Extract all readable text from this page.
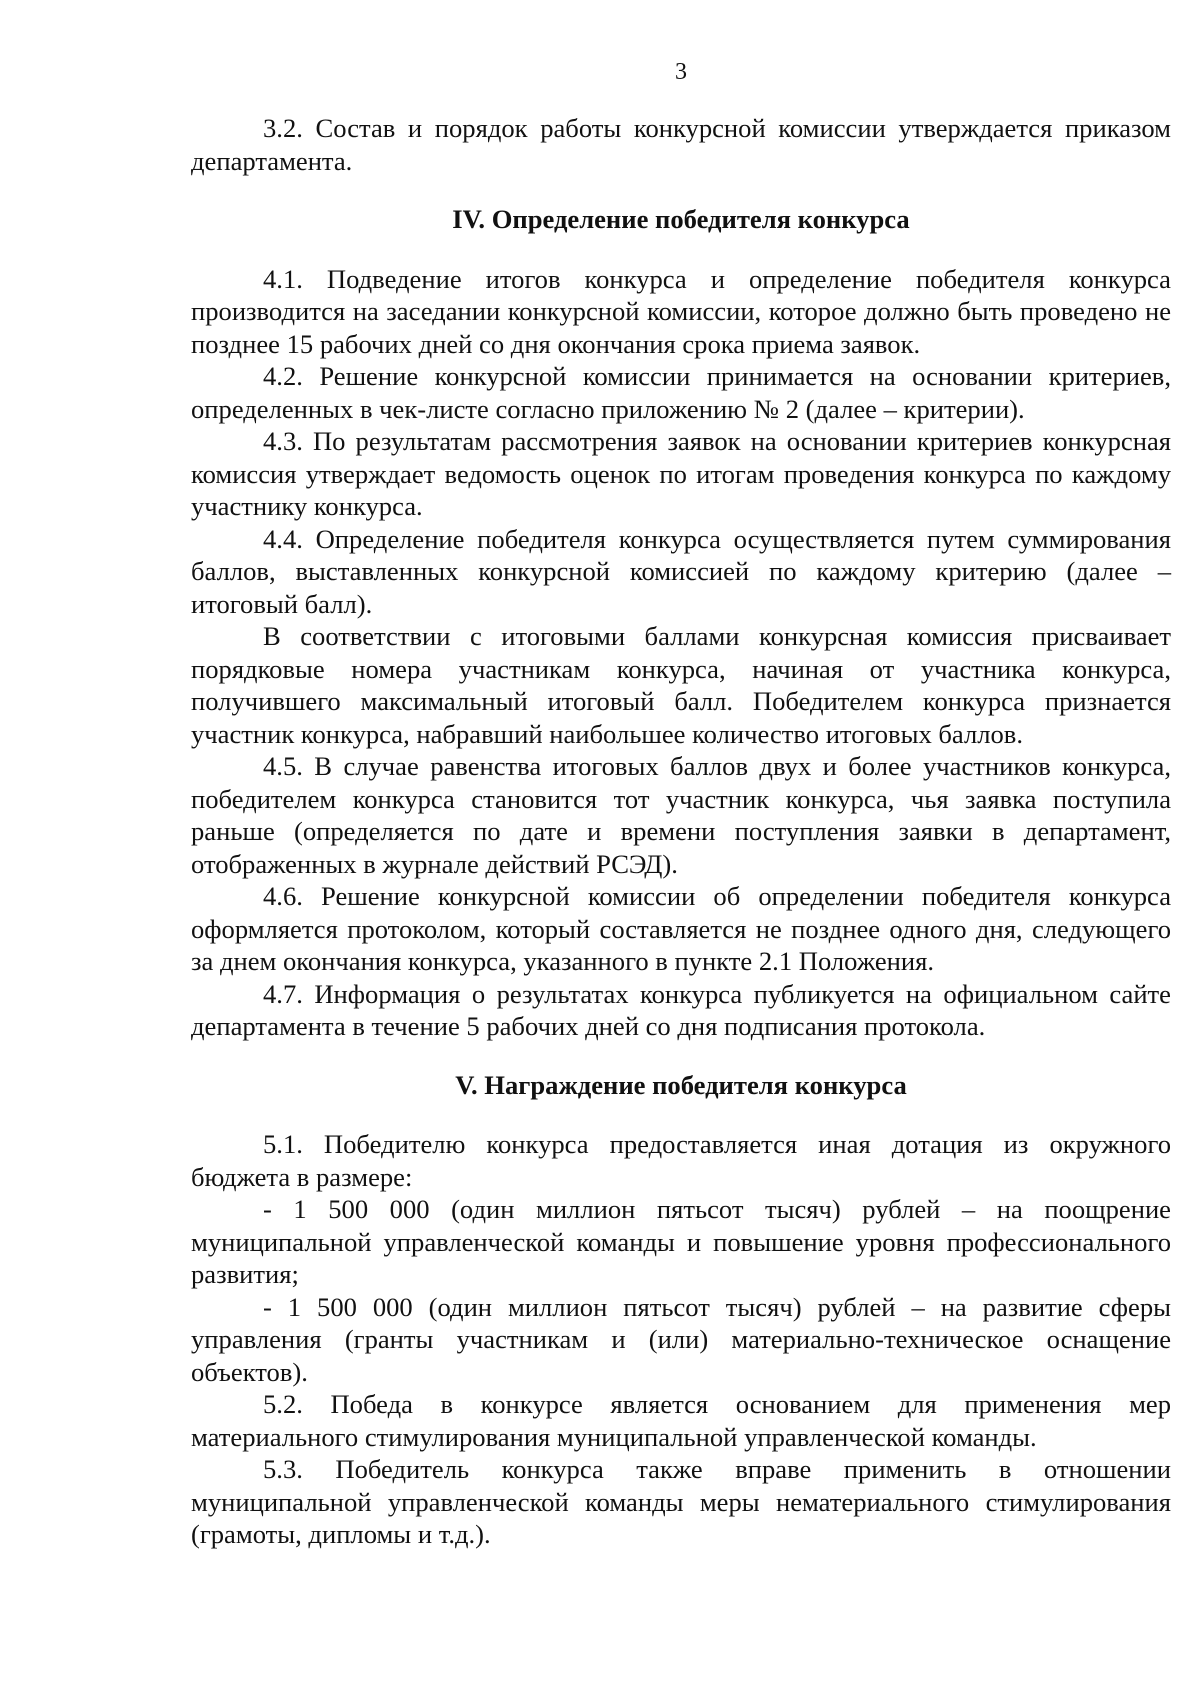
3

3.2. Состав и порядок работы конкурсной комиссии утверждается приказом департамента.

IV. Определение победителя конкурса

4.1. Подведение итогов конкурса и определение победителя конкурса производится на заседании конкурсной комиссии, которое должно быть проведено не позднее 15 рабочих дней со дня окончания срока приема заявок.

4.2. Решение конкурсной комиссии принимается на основании критериев, определенных в чек-листе согласно приложению № 2 (далее – критерии).

4.3. По результатам рассмотрения заявок на основании критериев конкурсная комиссия утверждает ведомость оценок по итогам проведения конкурса по каждому участнику конкурса.

4.4. Определение победителя конкурса осуществляется путем суммирования баллов, выставленных конкурсной комиссией по каждому критерию (далее – итоговый балл).

В соответствии с итоговыми баллами конкурсная комиссия присваивает порядковые номера участникам конкурса, начиная от участника конкурса, получившего максимальный итоговый балл. Победителем конкурса признается участник конкурса, набравший наибольшее количество итоговых баллов.

4.5. В случае равенства итоговых баллов двух и более участников конкурса, победителем конкурса становится тот участник конкурса, чья заявка поступила раньше (определяется по дате и времени поступления заявки в департамент, отображенных в журнале действий РСЭД).

4.6. Решение конкурсной комиссии об определении победителя конкурса оформляется протоколом, который составляется не позднее одного дня, следующего за днем окончания конкурса, указанного в пункте 2.1 Положения.

4.7. Информация о результатах конкурса публикуется на официальном сайте департамента в течение 5 рабочих дней со дня подписания протокола.

V. Награждение победителя конкурса

5.1. Победителю конкурса предоставляется иная дотация из окружного бюджета в размере:

- 1 500 000 (один миллион пятьсот тысяч) рублей – на поощрение муниципальной управленческой команды и повышение уровня профессионального развития;

- 1 500 000 (один миллион пятьсот тысяч) рублей – на развитие сферы управления (гранты участникам и (или) материально-техническое оснащение объектов).

5.2. Победа в конкурсе является основанием для применения мер материального стимулирования муниципальной управленческой команды.

5.3. Победитель конкурса также вправе применить в отношении муниципальной управленческой команды меры нематериального стимулирования (грамоты, дипломы и т.д.).
